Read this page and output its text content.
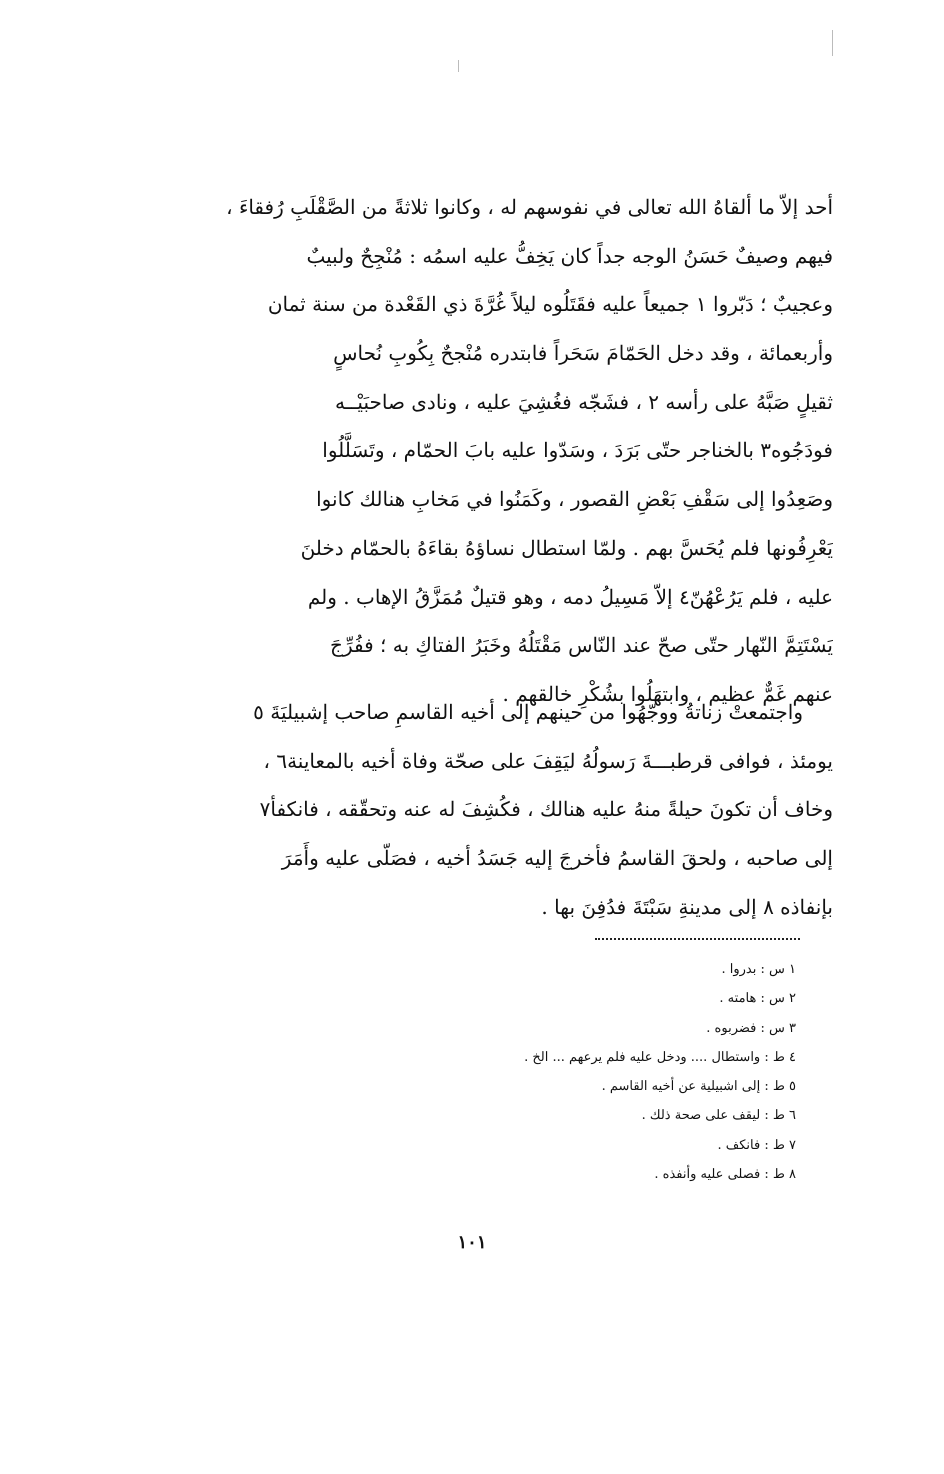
أحد إلاّ ما ألقاهُ الله تعالى في نفوسهم له ، وكانوا ثلاثةً من الصَّقْلَبِ رُفقاءَ ،
فيهم وصيفٌ حَسَنُ الوجه جداً كان يَخِفُّ عليه اسمُه : مُنْجِحٌ ولبيبٌ
وعجيبٌ ؛ دَبّروا ١ جميعاً عليه فقَتَلُوه ليلاً غُرَّةَ ذي القَعْدة من سنة ثمان
وأربعمائة ، وقد دخل الحَمّامَ سَحَراً فابتدره مُنْجحٌ بِكُوبِ نُحاسٍ
ثقيلٍ صَبَّهُ على رأسه ٢ ، فشَجّه فغُشِيَ عليه ، ونادى صاحبَيْــه
فودَجُوه٣ بالخناجر حتّى بَرَدَ ، وسَدّوا عليه بابَ الحمّام ، وتَسَلَّلُوا
وصَعِدُوا إلى سَقْفِ بَعْضِ القصور ، وكَمَنُوا في مَخابِ هنالك كانوا
يَعْرِفُونها فلم يُحَسَّ بهم . ولمّا استطال نساؤهُ بقاءَهُ بالحمّام دخلنَ
عليه ، فلم يَرُعْهُنّ٤ إلاّ مَسِيلُ دمه ، وهو قتيلٌ مُمَزَّقُ الإهاب . ولم
يَسْتَتِمَّ النّهار حتّى صحّ عند النّاس مَقْتَلُهُ وخَبَرُ الفتاكِ به ؛ ففُرِّجَ
عنهم غَمٌّ عظيم ، وابتهَلُوا بشُكْرِ خالقهم .
واجتمعتْ زناتةُ ووجّهُوا من حينهم إلى أخيه القاسمِ صاحب إشبيليَةَ ٥
يومئذ ، فوافى قرطبـــةَ رَسولُهُ ليَقِفَ على صحّة وفاة أخيه بالمعاينة٦ ،
وخاف أن تكونَ حيلةً منهُ عليه هنالك ، فكُشِفَ له عنه وتحقّقه ، فانكفأ٧
إلى صاحبه ، ولحقَ القاسمُ فأخرجَ إليه جَسَدُ أخيه ، فصَلّى عليه وأَمَرَ
بإنفاذه ٨ إلى مدينةِ سَبْتَةَ فدُفِنَ بها .
١ س : بدروا .
٢ س : هامته .
٣ س : فضربوه .
٤ ط : واستطال .... ودخل عليه فلم يرعهم ... الخ .
٥ ط : إلى اشبيلية عن أخيه القاسم .
٦ ط : ليقف على صحة ذلك .
٧ ط : فانكف .
٨ ط : فصلى عليه وأنفذه .
١٠١
